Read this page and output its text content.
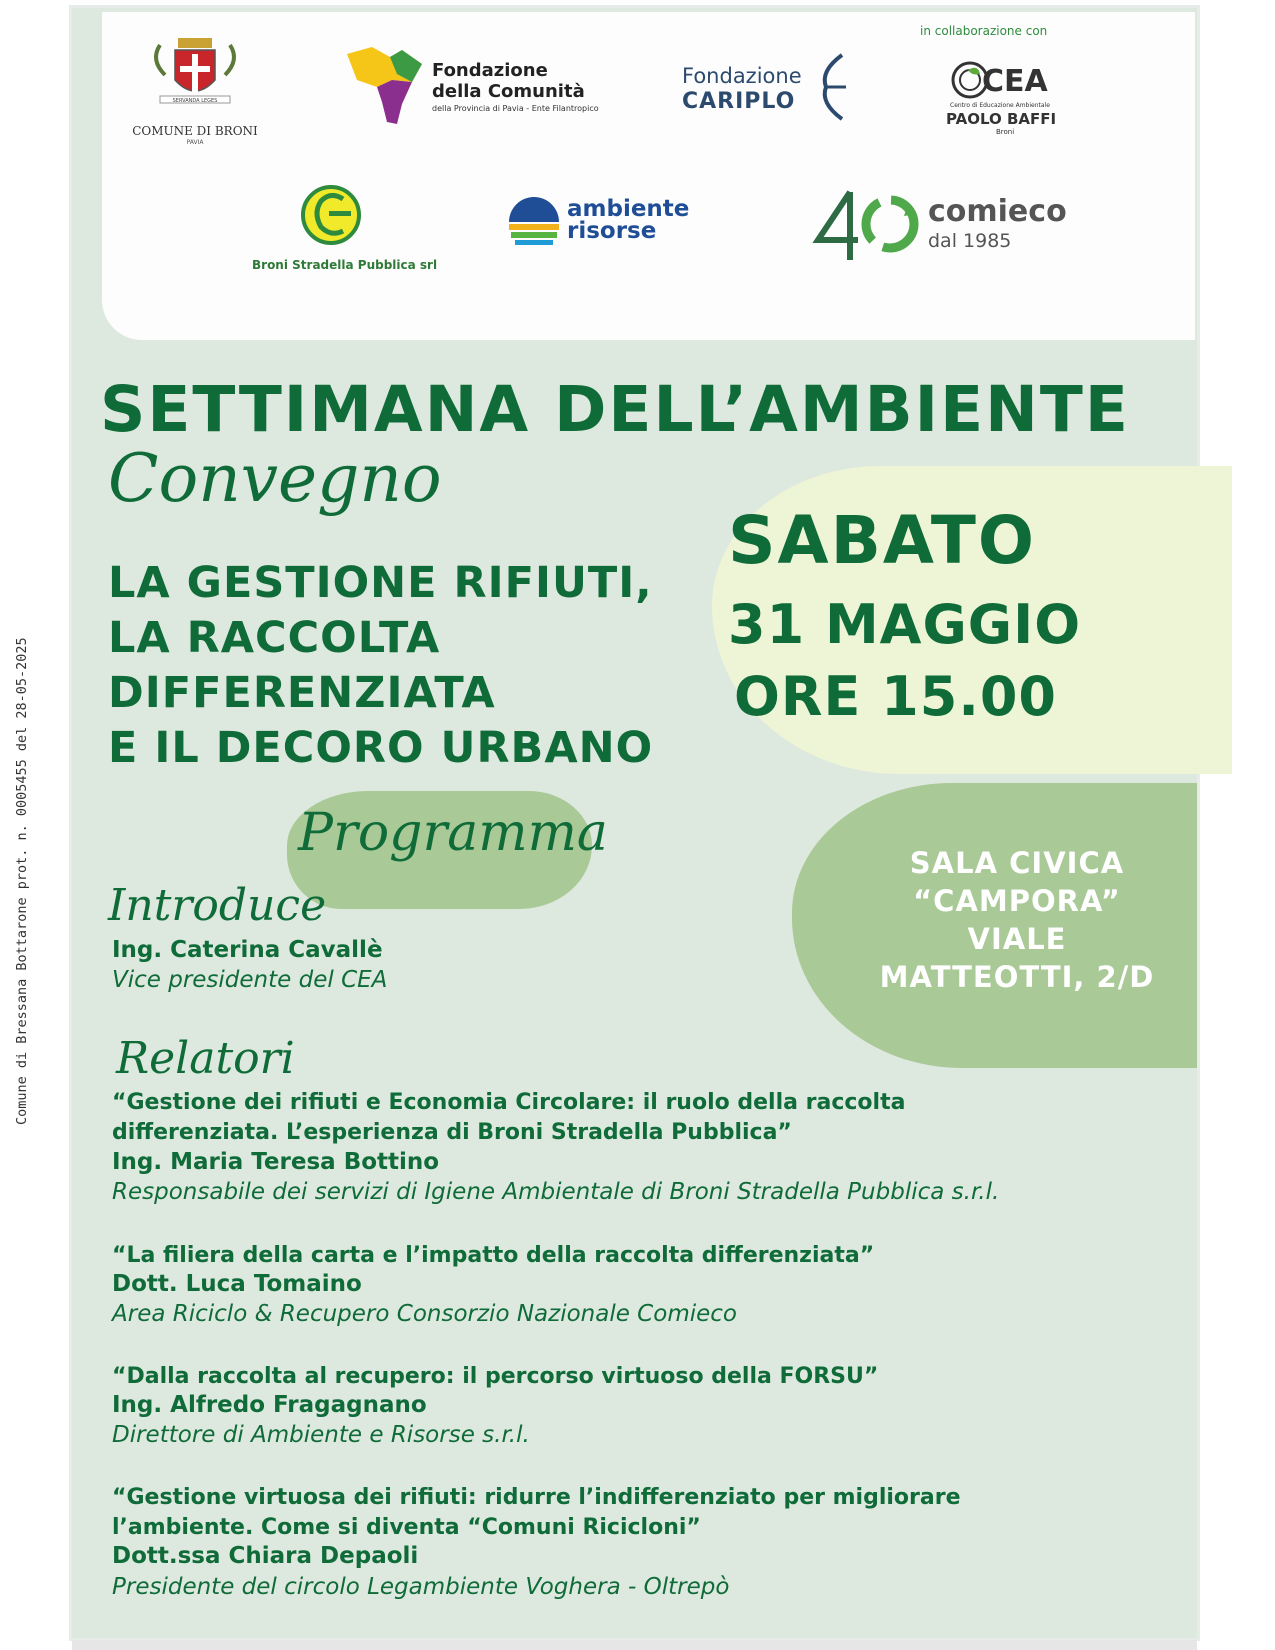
Comune di Bressana Bottarone prot. n. 0005455 del 28-05-2025
SERVANDA LEGES
COMUNE DI BRONI
PAVIA
Fondazione
della Comunità
della Provincia di Pavia - Ente Filantropico
Fondazione
CARIPLO
in collaborazione con
CEA
Centro di Educazione Ambientale
PAOLO BAFFI
Broni
Broni Stradella Pubblica srl
ambiente
risorse
comieco
dal 1985
SETTIMANA DELL’AMBIENTE
Convegno
SABATO
31 MAGGIO
ORE 15.00
LA GESTIONE RIFIUTI,
LA RACCOLTA
DIFFERENZIATA
E IL DECORO URBANO
Programma	SALA CIVICA
“CAMPORA”
VIALE
MATTEOTTI, 2/D
Introduce
Ing. Caterina Cavallè
Vice presidente del CEA
Relatori
“Gestione dei rifiuti e Economia Circolare: il ruolo della raccolta
differenziata. L’esperienza di Broni Stradella Pubblica”
Ing. Maria Teresa Bottino
Responsabile dei servizi di Igiene Ambientale di Broni Stradella Pubblica s.r.l.
“La filiera della carta e l’impatto della raccolta differenziata”
Dott. Luca Tomaino
Area Riciclo & Recupero Consorzio Nazionale Comieco
“Dalla raccolta al recupero: il percorso virtuoso della FORSU”
Ing. Alfredo Fragagnano
Direttore di Ambiente e Risorse s.r.l.
“Gestione virtuosa dei rifiuti: ridurre l’indifferenziato per migliorare
l’ambiente. Come si diventa “Comuni Ricicloni”
Dott.ssa Chiara Depaoli
Presidente del circolo Legambiente Voghera - Oltrepò
